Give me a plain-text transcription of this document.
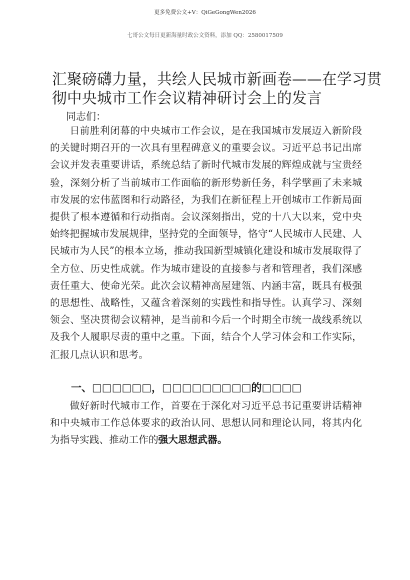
更多免费公文+V：QiGeGongWen2026
七哥公文每日更新海量时政公文资料，添加 QQ：2580017509
汇聚磅礴力量，共绘人民城市新画卷——在学习贯彻中央城市工作会议精神研讨会上的发言
同志们：

日前胜利闭幕的中央城市工作会议，是在我国城市发展迈入新阶段的关键时期召开的一次具有里程碑意义的重要会议。习近平总书记出席会议并发表重要讲话，系统总结了新时代城市发展的辉煌成就与宝贵经验，深刻分析了当前城市工作面临的新形势新任务，科学擘画了未来城市发展的宏伟蓝图和行动路径，为我们在新征程上开创城市工作新局面提供了根本遵循和行动指南。会议深刻指出，党的十八大以来，党中央始终把握城市发展规律，坚持党的全面领导，恪守“人民城市人民建、人民城市为人民”的根本立场，推动我国新型城镇化建设和城市发展取得了全方位、历史性成就。作为城市建设的直接参与者和管理者，我们深感责任重大、使命光荣。此次会议精神高屋建瓴、内涵丰富，既具有极强的思想性、战略性，又蕴含着深刻的实践性和指导性。认真学习、深刻领会、坚决贯彻会议精神，是当前和今后一个时期全市统一战线系统以及我个人履职尽责的重中之重。下面，结合个人学习体会和工作实际，汇报几点认识和思考。

一、□□□□□□，□□□□□□□□□的□□□□

做好新时代城市工作，首要在于深化对习近平总书记重要讲话精神和中央城市工作总体要求的政治认同、思想认同和理论认同，将其内化为指导实践、推动工作的强大思想武器。
